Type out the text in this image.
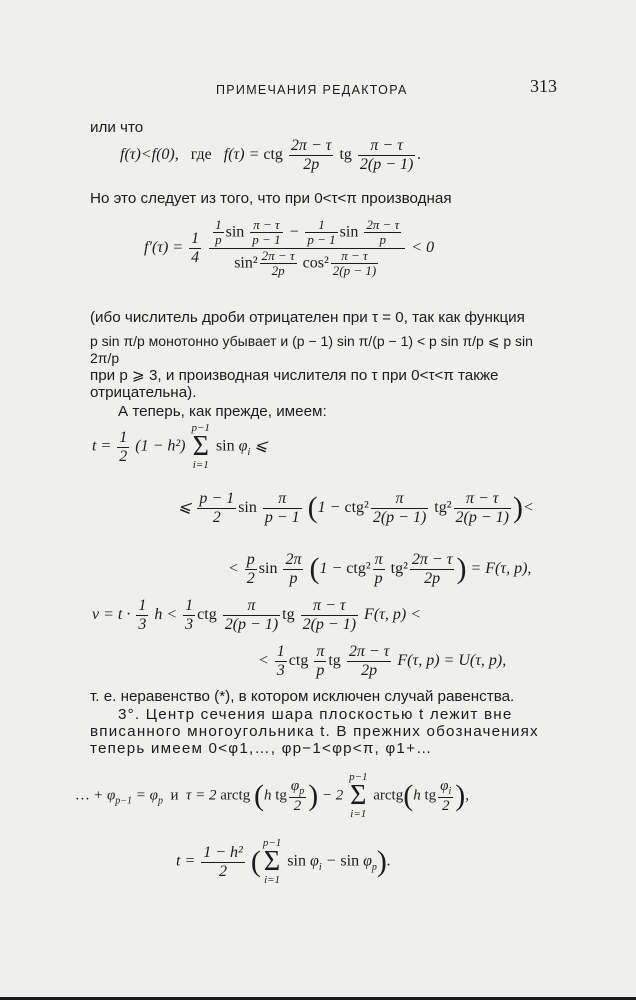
ПРИМЕЧАНИЯ РЕДАКТОРА	313

или что

f(τ)<f(0),   где   f(τ) = ctg $\frac{2\pi - \tau}{2p}$ tg $\frac{\pi - \tau}{2(p - 1)}$ .

Но это следует из того, что при 0<τ<π производная

$f'(\tau) = \frac{1}{4}$
$\frac{\frac{1}{p} \sin \frac{\pi - \tau}{p - 1} - \frac{1}{p - 1} \sin \frac{2\pi - \tau}{p}}{\sin^2 \frac{2\pi - \tau}{2p} \cos^2 \frac{\pi - \tau}{2(p - 1)}} < 0$

(ибо числитель дроби отрицателен при τ = 0, так как функция

p sin π/p монотонно убывает и (p − 1) sin π/(p − 1) < p sin π/p ⩽ p sin 2π/p

при p ⩾ 3, и производная числителя по τ при 0<τ<π также отрицательна).

А теперь, как прежде, имеем:

$t = \frac{1}{2} (1 - h^2)$
p−1
Σ
i=1
$\sin \varphi_i$ ⩽
⩽ $\frac{p - 1}{2}$ $\sin \frac{\pi}{p - 1} (1 - ctg^2 \frac{\pi}{2(p - 1)} tg^2 \frac{\pi - \tau}{2(p - 1)}$ )<
< $\frac{p}{2}$ $\sin \frac{2\pi}{p} (1 - ctg^2 \frac{\pi}{p} tg^2 \frac{2\pi - \tau}{2p}$ ) = F(τ, p),
$v = t \cdot \frac{1}{3}$ $h < \frac{1}{3}$ ctg $\frac{\pi}{2(p - 1)}$ tg $\frac{\pi - \tau}{2(p - 1)} F(\tau$, p) <
< $\frac{1}{3}$ ctg $\frac{\pi}{p}$ tg $\frac{2\pi - \tau}{2p} F(\tau$, p) = U(τ, p),

т. е. неравенство (*), в котором исключен случай равенства.

3°. Центр сечения шара плоскостью t лежит вне вписанного многоугольника t. В прежних обозначениях теперь имеем 0<φ1,…, φp−1<φp<π, φ1+…

… + $\varphi_{p-1} = \varphi_p$  и  τ = 2 arctg (h tg $\frac{\varphi_p}{2}$ ) − 2
p−1
Σ
i=1
arctg(h tg $\frac{\varphi_i}{2}$ ),
$t = \frac{\text{1 − h²}}{2}$ (
p−1
Σ
i=1
$\sin \varphi_i - \sin \varphi_p$).
